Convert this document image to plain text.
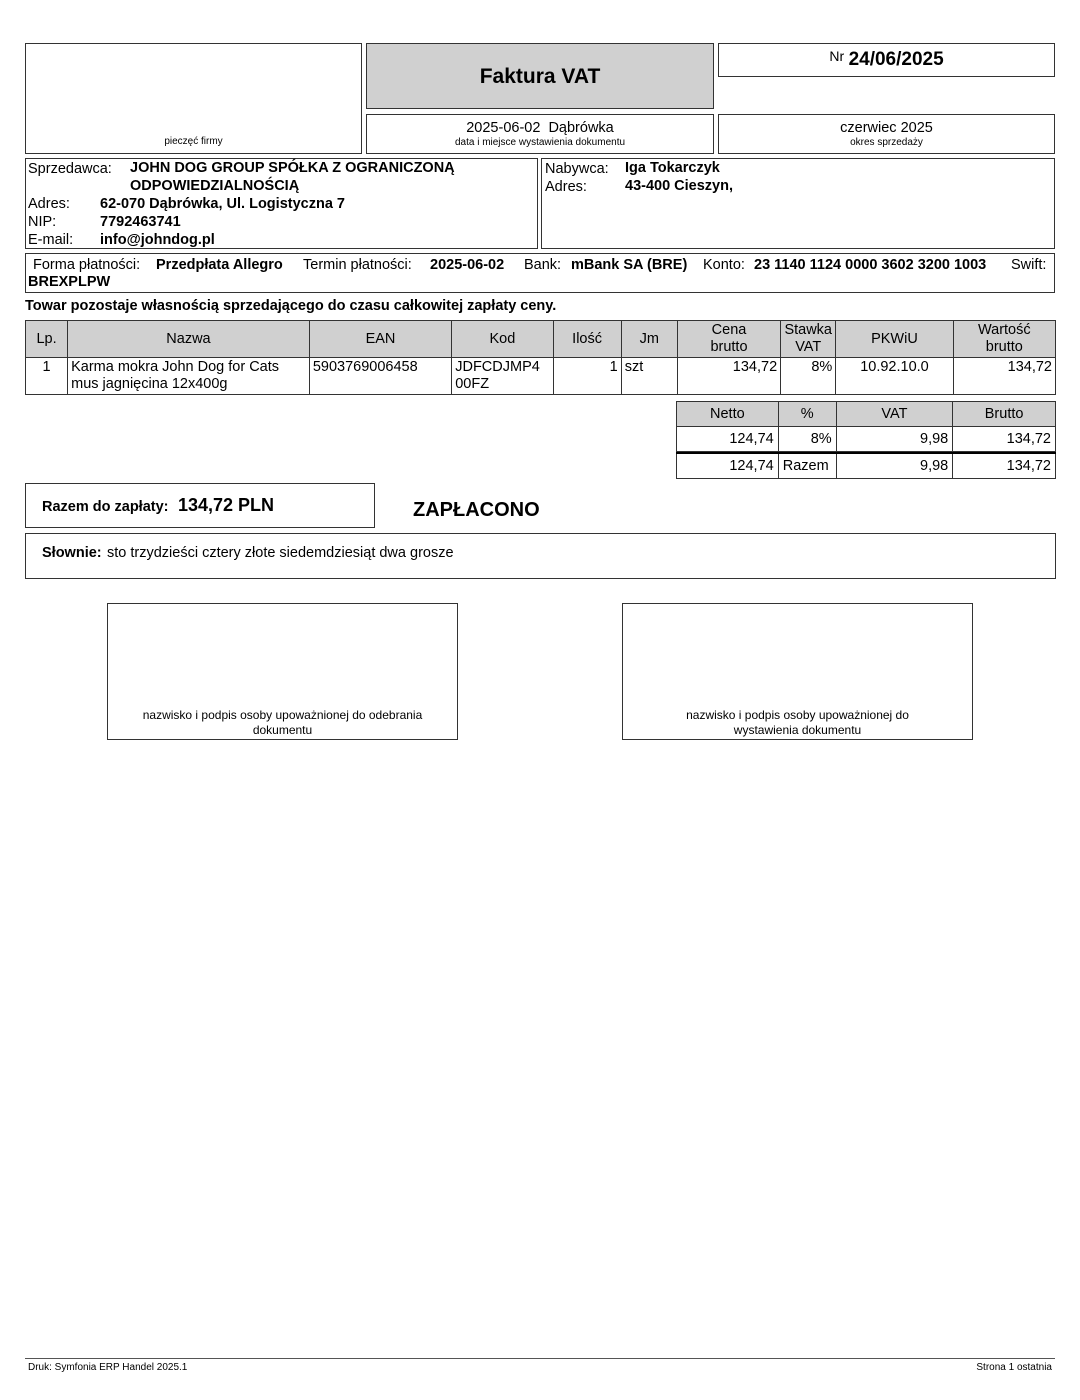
pieczęć firmy
Faktura VAT
Nr 24/06/2025
2025-06-02  Dąbrówka
data i miejsce wystawienia dokumentu
czerwiec 2025
okres sprzedaży
Sprzedawca: JOHN DOG GROUP SPÓŁKA Z OGRANICZONĄ
ODPOWIEDZIALNOŚCIĄ
Adres: 62-070 Dąbrówka, Ul. Logistyczna 7
NIP:	7792463741
E-mail: info@johndog.pl
Nabywca: Iga Tokarczyk
Adres:	43-400 Cieszyn,
Forma płatności: Przedpłata Allegro Termin płatności: 2025-06-02 Bank: mBank SA (BRE) Konto: 23 1140 1124 0000 3602 3200 1003 Swift:
BREXPLPW
Towar pozostaje własnością sprzedającego do czasu całkowitej zapłaty ceny.
Lp.	Nazwa	EAN	Kod	Ilość	Jm	Cena
brutto	Stawka
VAT	PKWiU	Wartość
brutto
1	Karma mokra John Dog for Cats
mus jagnięcina 12x400g	5903769006458	JDFCDJMP4
00FZ	1	szt	134,72	8%	10.92.10.0	134,72
Netto	%	VAT	Brutto
124,74	8%	9,98	134,72

124,74	Razem	9,98	134,72
Razem do zapłaty: 134,72 PLN	ZAPŁACONO
Słownie: sto trzydzieści cztery złote siedemdziesiąt dwa grosze
nazwisko i podpis osoby upoważnionej do odebrania
dokumentu
nazwisko i podpis osoby upoważnionej do
wystawienia dokumentu
Druk: Symfonia ERP Handel 2025.1	Strona 1 ostatnia
